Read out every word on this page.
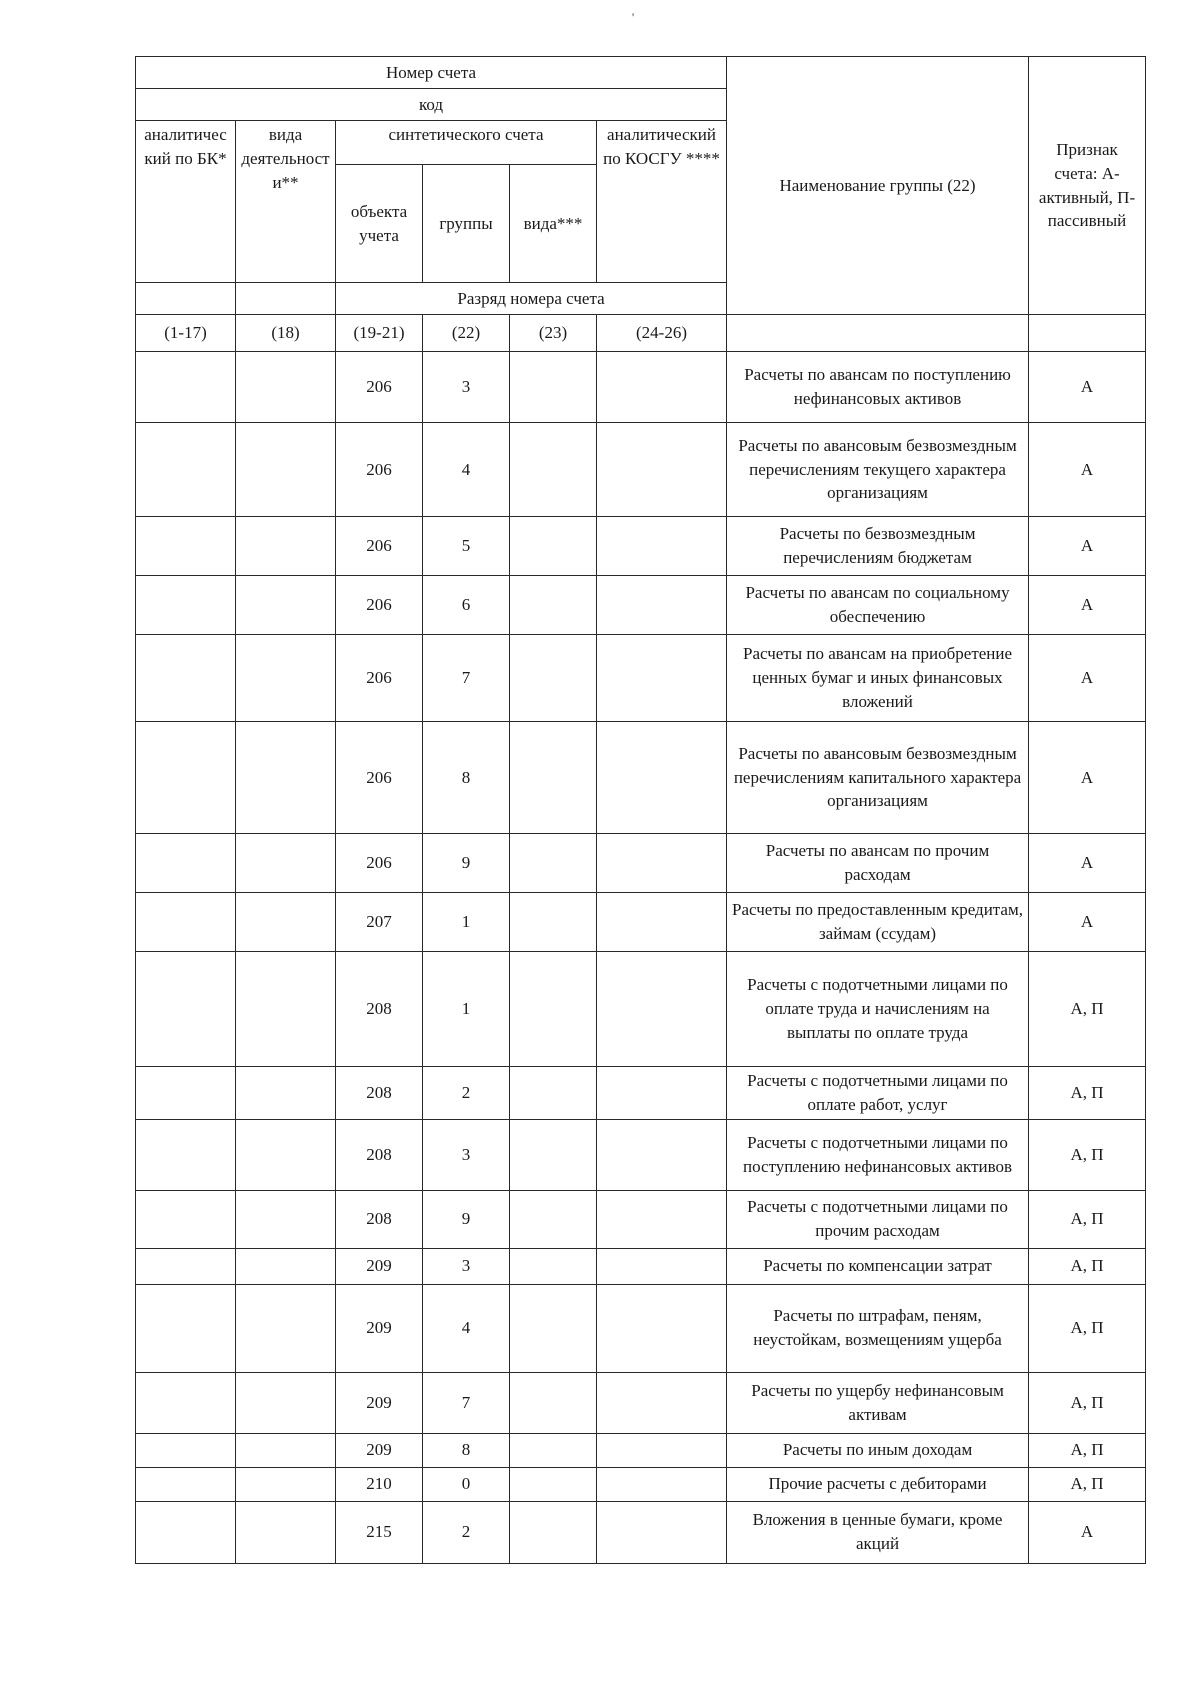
'
Номер счета						Наименование группы (22)	Признак счета: А- активный, П- пассивный
код							
аналитический по БК*	вида деятельности**	синтетического счета			аналитический по КОСГУ ****		
		объекта учета	группы	вида***			
		Разряд номера счета					
(1-17)	(18)	(19-21)	(22)	(23)	(24-26)		
		206	3			Расчеты по авансам по поступлению нефинансовых активов	А
		206	4			Расчеты по авансовым безвозмездным перечислениям текущего характера организациям	А
		206	5			Расчеты по безвозмездным перечислениям бюджетам	А
		206	6			Расчеты по авансам по социальному обеспечению	А
		206	7			Расчеты по авансам на приобретение ценных бумаг и иных финансовых вложений	А
		206	8			Расчеты по авансовым безвозмездным перечислениям капитального характера организациям	А
		206	9			Расчеты по авансам по прочим расходам	А
		207	1			Расчеты по предоставленным кредитам, займам (ссудам)	А
		208	1			Расчеты с подотчетными лицами по оплате труда и начислениям на выплаты по оплате труда	А, П
		208	2			Расчеты с подотчетными лицами по оплате работ, услуг	А, П
		208	3			Расчеты с подотчетными лицами по поступлению нефинансовых активов	А, П
		208	9			Расчеты с подотчетными лицами по прочим расходам	А, П
		209	3			Расчеты по компенсации затрат	А, П
		209	4			Расчеты по штрафам, пеням, неустойкам, возмещениям ущерба	А, П
		209	7			Расчеты по ущербу нефинансовым активам	А, П
		209	8			Расчеты по иным доходам	А, П
		210	0			Прочие расчеты с дебиторами	А, П
		215	2			Вложения в ценные бумаги, кроме акций	А
